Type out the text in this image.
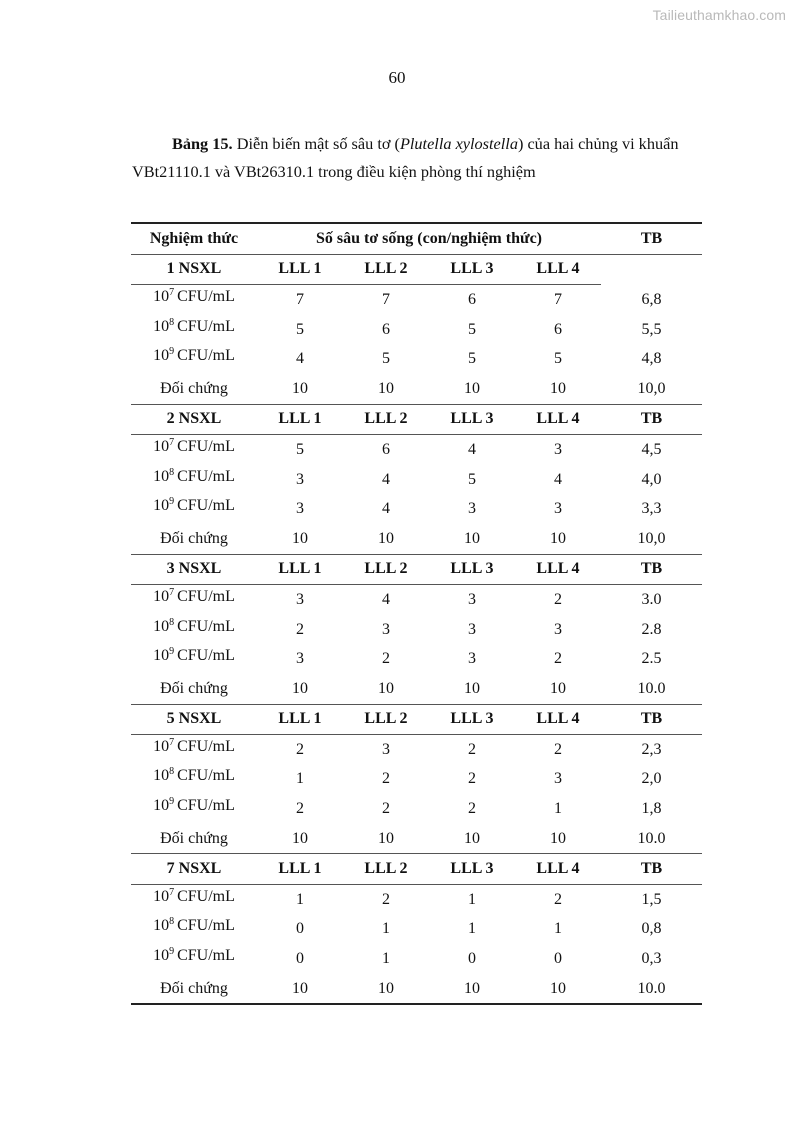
Tailieuthamkhao.com
60
Bảng 15. Diễn biến mật số sâu tơ (Plutella xylostella) của hai chủng vi khuẩn
VBt21110.1 và VBt26310.1 trong điều kiện phòng thí nghiệm
Nghiệm thức	Số sâu tơ sống (con/nghiệm thức)				TB
1 NSXL	LLL 1	LLL 2	LLL 3	LLL 4	
$10^7$ CFU/mL	7	7	6	7	6,8
$10^8$ CFU/mL	5	6	5	6	5,5
$10^9$ CFU/mL	4	5	5	5	4,8
Đối chứng	10	10	10	10	10,0
2 NSXL	LLL 1	LLL 2	LLL 3	LLL 4	TB
$10^7$ CFU/mL	5	6	4	3	4,5
$10^8$ CFU/mL	3	4	5	4	4,0
$10^9$ CFU/mL	3	4	3	3	3,3
Đối chứng	10	10	10	10	10,0
3 NSXL	LLL 1	LLL 2	LLL 3	LLL 4	TB
$10^7$ CFU/mL	3	4	3	2	3.0
$10^8$ CFU/mL	2	3	3	3	2.8
$10^9$ CFU/mL	3	2	3	2	2.5
Đối chứng	10	10	10	10	10.0
5 NSXL	LLL 1	LLL 2	LLL 3	LLL 4	TB
$10^7$ CFU/mL	2	3	2	2	2,3
$10^8$ CFU/mL	1	2	2	3	2,0
$10^9$ CFU/mL	2	2	2	1	1,8
Đối chứng	10	10	10	10	10.0
7 NSXL	LLL 1	LLL 2	LLL 3	LLL 4	TB
$10^7$ CFU/mL	1	2	1	2	1,5
$10^8$ CFU/mL	0	1	1	1	0,8
$10^9$ CFU/mL	0	1	0	0	0,3
Đối chứng	10	10	10	10	10.0
